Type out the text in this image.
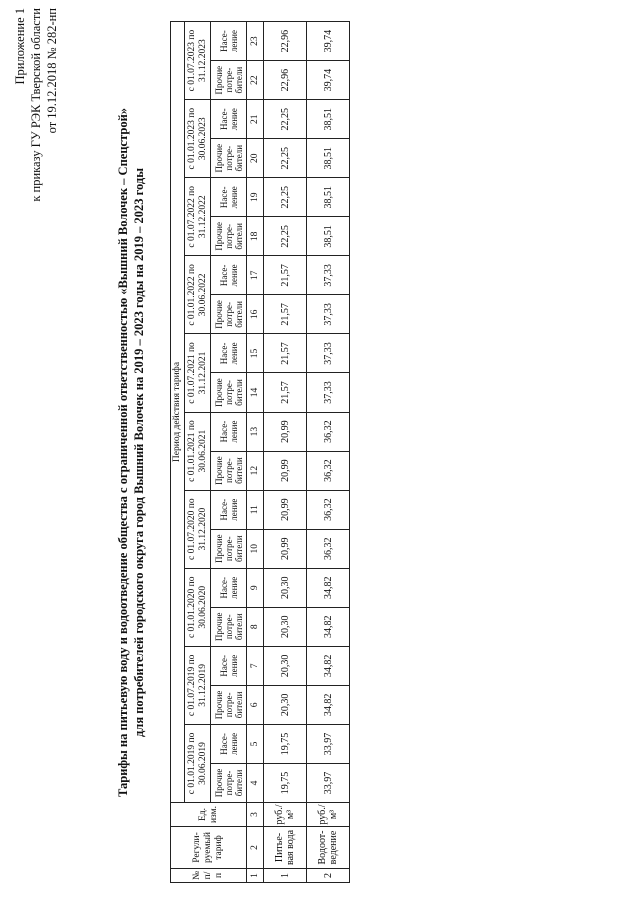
Приложение 1 к приказу ГУ РЭК Тверской области от 19.12.2018 № 282-нп
Тарифы на питьевую воду и водоотведение общества с ограниченной ответственностью «Вышний Волочек – Спецстрой» для потребителей городского округа город Вышний Волочек на 2019 – 2023 годы на 2019 – 2023 годы
№ п/п	Регули-руемый тариф	Ед. изм.	Период действия тарифа																			
			с 01.01.2019 по 30.06.2019		с 01.07.2019 по 31.12.2019		с 01.01.2020 по 30.06.2020		с 01.07.2020 по 31.12.2020		с 01.01.2021 по 30.06.2021		с 01.07.2021 по 31.12.2021		с 01.01.2022 по 30.06.2022		с 01.07.2022 по 31.12.2022		с 01.01.2023 по 30.06.2023		с 01.07.2023 по 31.12.2023	
			Прочие потре-бители	Насе-ление	Прочие потре-бители	Насе-ление	Прочие потре-бители	Насе-ление	Прочие потре-бители	Насе-ление	Прочие потре-бители	Насе-ление	Прочие потре-бители	Насе-ление	Прочие потре-бители	Насе-ление	Прочие потре-бители	Насе-ление	Прочие потре-бители	Насе-ление	Прочие потре-бители	Насе-ление
1	2	3	4	5	6	7	8	9	10	11	12	13	14	15	16	17	18	19	20	21	22	23
1	Питье-вая вода	руб./м³	19,75	19,75	20,30	20,30	20,30	20,30	20,99	20,99	20,99	20,99	21,57	21,57	21,57	21,57	22,25	22,25	22,25	22,25	22,96	22,96
2	Водоот-ведение	руб./м³	33,97	33,97	34,82	34,82	34,82	34,82	36,32	36,32	36,32	36,32	37,33	37,33	37,33	37,33	38,51	38,51	38,51	38,51	39,74	39,74
